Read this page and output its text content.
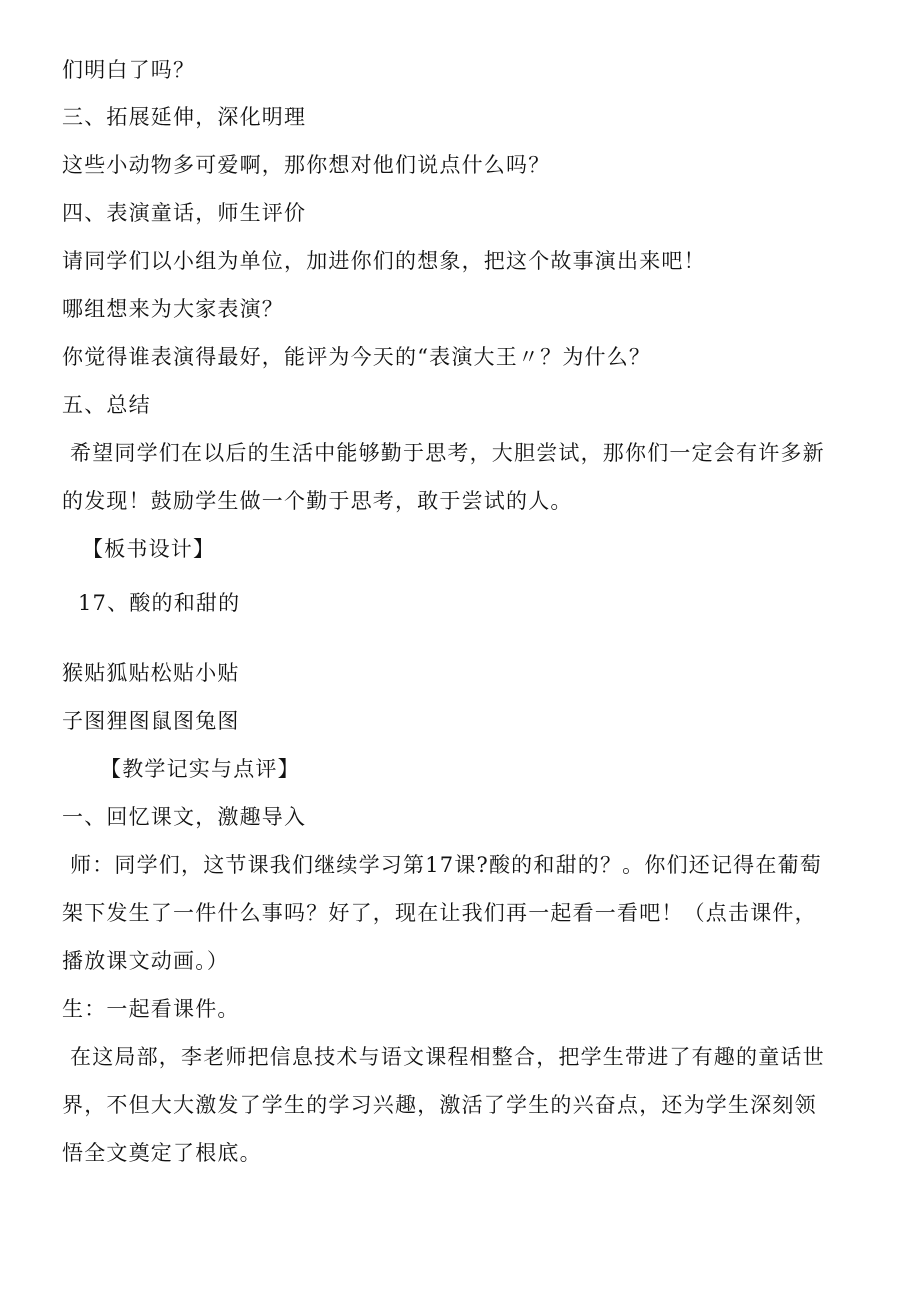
们明白了吗？
三、拓展延伸，深化明理
这些小动物多可爱啊，那你想对他们说点什么吗？
四、表演童话，师生评价
请同学们以小组为单位，加进你们的想象，把这个故事演出来吧！
哪组想来为大家表演？
你觉得谁表演得最好，能评为今天的“表演大王〃？为什么？
五、总结
希望同学们在以后的生活中能够勤于思考，大胆尝试，那你们一定会有许多新
的发现！鼓励学生做一个勤于思考，敢于尝试的人。
【板书设计】
17、酸的和甜的
猴贴狐贴松贴小贴
子图狸图鼠图兔图
【教学记实与点评】
一、回忆课文，激趣导入
师：同学们，这节课我们继续学习第17课?酸的和甜的？。你们还记得在葡萄
架下发生了一件什么事吗？好了，现在让我们再一起看一看吧！（点击课件，
播放课文动画。）
生：一起看课件。
在这局部，李老师把信息技术与语文课程相整合，把学生带进了有趣的童话世
界，不但大大激发了学生的学习兴趣，激活了学生的兴奋点，还为学生深刻领
悟全文奠定了根底。
